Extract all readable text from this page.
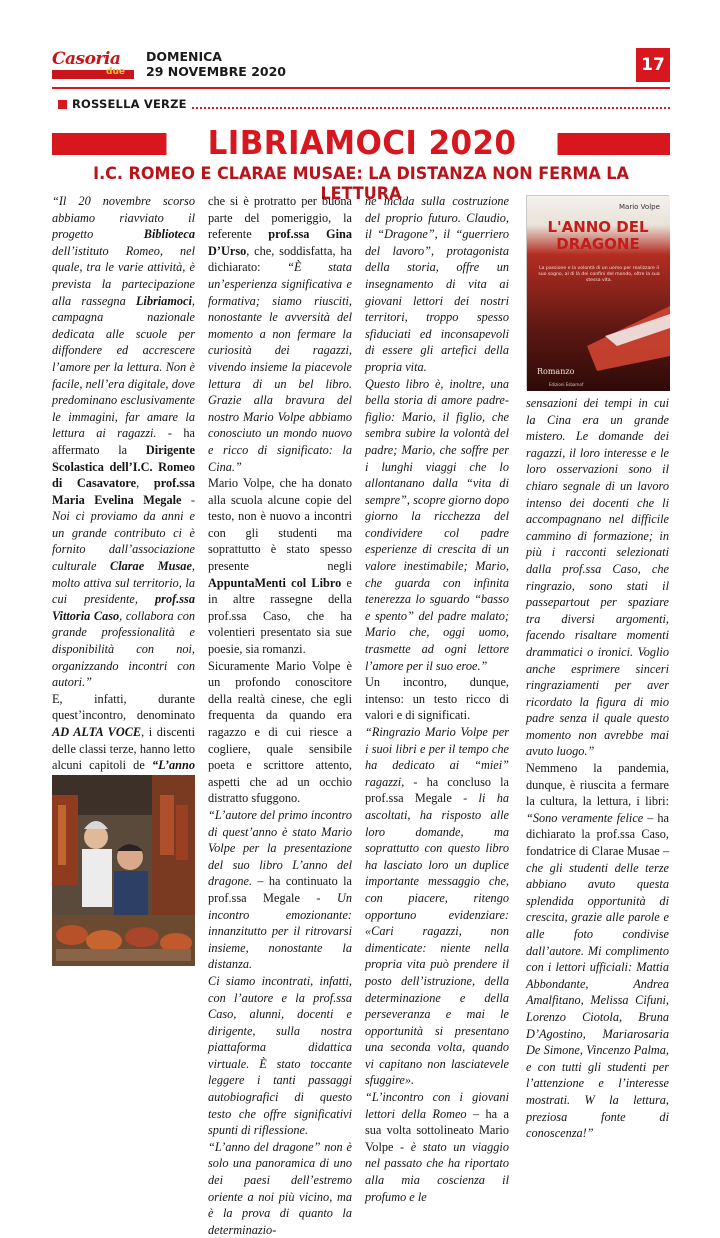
Casoria
due
DOMENICA
29 NOVEMBRE 2020	17
ROSSELLA VERZE
LIBRIAMOCI 2020
I.C. ROMEO E CLARAE MUSAE: LA DISTANZA NON FERMA LA LETTURA

“Il 20 novembre scorso abbiamo riavviato il progetto Biblioteca dell’istituto Romeo, nel quale, tra le varie attività, è prevista la partecipazione alla rassegna Libriamoci, campagna nazionale dedicata alle scuole per diffondere ed accrescere l’amore per la lettura. Non è facile, nell’era digitale, dove predominano esclusivamente le immagini, far amare la lettura ai ragazzi. - ha affermato la Dirigente Scolastica dell’I.C. Romeo di Casavatore, prof.ssa Maria Evelina Megale - Noi ci proviamo da anni e un grande contributo ci è fornito dall’associazione culturale Clarae Musae, molto attiva sul territorio, la cui presidente, prof.ssa Vittoria Caso, collabora con grande professionalità e disponibilità con noi, organizzando incontri con autori.”

E, infatti, durante quest’incontro, denominato AD ALTA VOCE, i discenti delle classi terze, hanno letto alcuni capitoli de “L’anno

che si è protratto per buona parte del pomeriggio, la referente prof.ssa Gina D’Urso, che, soddisfatta, ha dichiarato: “È stata un’esperienza significativa e formativa; siamo riusciti, nonostante le avversità del momento a non fermare la curiosità dei ragazzi, vivendo insieme la piacevole lettura di un bel libro. Grazie alla bravura del nostro Mario Volpe abbiamo conosciuto un mondo nuovo e ricco di significato: la Cina.”

Mario Volpe, che ha donato alla scuola alcune copie del testo, non è nuovo a incontri con gli studenti ma soprattutto è stato spesso presente negli AppuntaMenti col Libro e in altre rassegne della prof.ssa Caso, che ha volentieri presentato sia sue poesie, sia romanzi.

Sicuramente Mario Volpe è un profondo conoscitore della realtà cinese, che egli frequenta da quando era ragazzo e di cui riesce a cogliere, quale sensibile poeta e scrittore attento, aspetti che ad un occhio distratto sfuggono.

“L’autore del primo incontro di quest’anno è stato Mario Volpe per la presentazione del suo libro L’anno del dragone. – ha continuato la prof.ssa Megale - Un incontro emozionante: innanzitutto per il ritrovarsi insieme, nonostante la distanza.

Ci siamo incontrati, infatti, con l’autore e la prof.ssa Caso, alunni, docenti e dirigente, sulla nostra piattaforma didattica virtuale. È stato toccante leggere i tanti passaggi autobiografici di questo testo che offre significativi spunti di riflessione.

“L’anno del dragone” non è solo una panoramica di uno dei paesi dell’estremo oriente a noi più vicino, ma è la prova di quanto la determinazio-

ne incida sulla costruzione del proprio futuro. Claudio, il “Dragone”, il “guerriero del lavoro”, protagonista della storia, offre un insegnamento di vita ai giovani lettori dei nostri territori, troppo spesso sfiduciati ed inconsapevoli di essere gli artefici della propria vita.

Questo libro è, inoltre, una bella storia di amore padre-figlio: Mario, il figlio, che sembra subire la volontà del padre; Mario, che soffre per i lunghi viaggi che lo allontanano dalla “vita di sempre”, scopre giorno dopo giorno la ricchezza del condividere col padre esperienze di crescita di un valore inestimabile; Mario, che guarda con infinita tenerezza lo sguardo “basso e spento” del padre malato; Mario che, oggi uomo, trasmette ad ogni lettore l’amore per il suo eroe.”

Un incontro, dunque, intenso: un testo ricco di valori e di significati.

“Ringrazio Mario Volpe per i suoi libri e per il tempo che ha dedicato ai “miei” ragazzi, - ha concluso la prof.ssa Megale - li ha ascoltati, ha risposto alle loro domande, ma soprattutto con questo libro ha lasciato loro un duplice importante messaggio che, con piacere, ritengo opportuno evidenziare: «Cari ragazzi, non dimenticate: niente nella propria vita può prendere il posto dell’istruzione, della determinazione e della perseveranza e mai le opportunità si presentano una seconda volta, quando vi capitano non lasciatevele sfuggire».

“L’incontro con i giovani lettori della Romeo – ha a sua volta sottolineato Mario Volpe - è stato un viaggio nel passato che ha riportato alla mia coscienza il profumo e le

Mario Volpe
L'ANNO DEL
DRAGONE
La passione e la volontà di un uomo per realizzare il suo sogno, al di là dei confini del mondo, oltre la sua stessa vita.
Romanzo
Edizioni Esbarnof

sensazioni dei tempi in cui la Cina era un grande mistero. Le domande dei ragazzi, il loro interesse e le loro osservazioni sono il chiaro segnale di un lavoro intenso dei docenti che li accompagnano nel difficile cammino di formazione; in più i racconti selezionati dalla prof.ssa Caso, che ringrazio, sono stati il passepartout per spaziare tra diversi argomenti, facendo risaltare momenti drammatici o ironici. Voglio anche esprimere sinceri ringraziamenti per aver ricordato la figura di mio padre senza il quale questo momento non avrebbe mai avuto luogo.”

Nemmeno la pandemia, dunque, è riuscita a fermare la cultura, la lettura, i libri: “Sono veramente felice – ha dichiarato la prof.ssa Caso, fondatrice di Clarae Musae – che gli studenti delle terze abbiano avuto questa splendida opportunità di crescita, grazie alle parole e alle foto condivise dall’autore. Mi complimento con i lettori ufficiali: Mattia Abbondante, Andrea Amalfitano, Melissa Cifuni, Lorenzo Ciotola, Bruna D’Agostino, Mariarosaria De Simone, Vincenzo Palma, e con tutti gli studenti per l’attenzione e l’interesse mostrati. W la lettura, preziosa fonte di conoscenza!”
